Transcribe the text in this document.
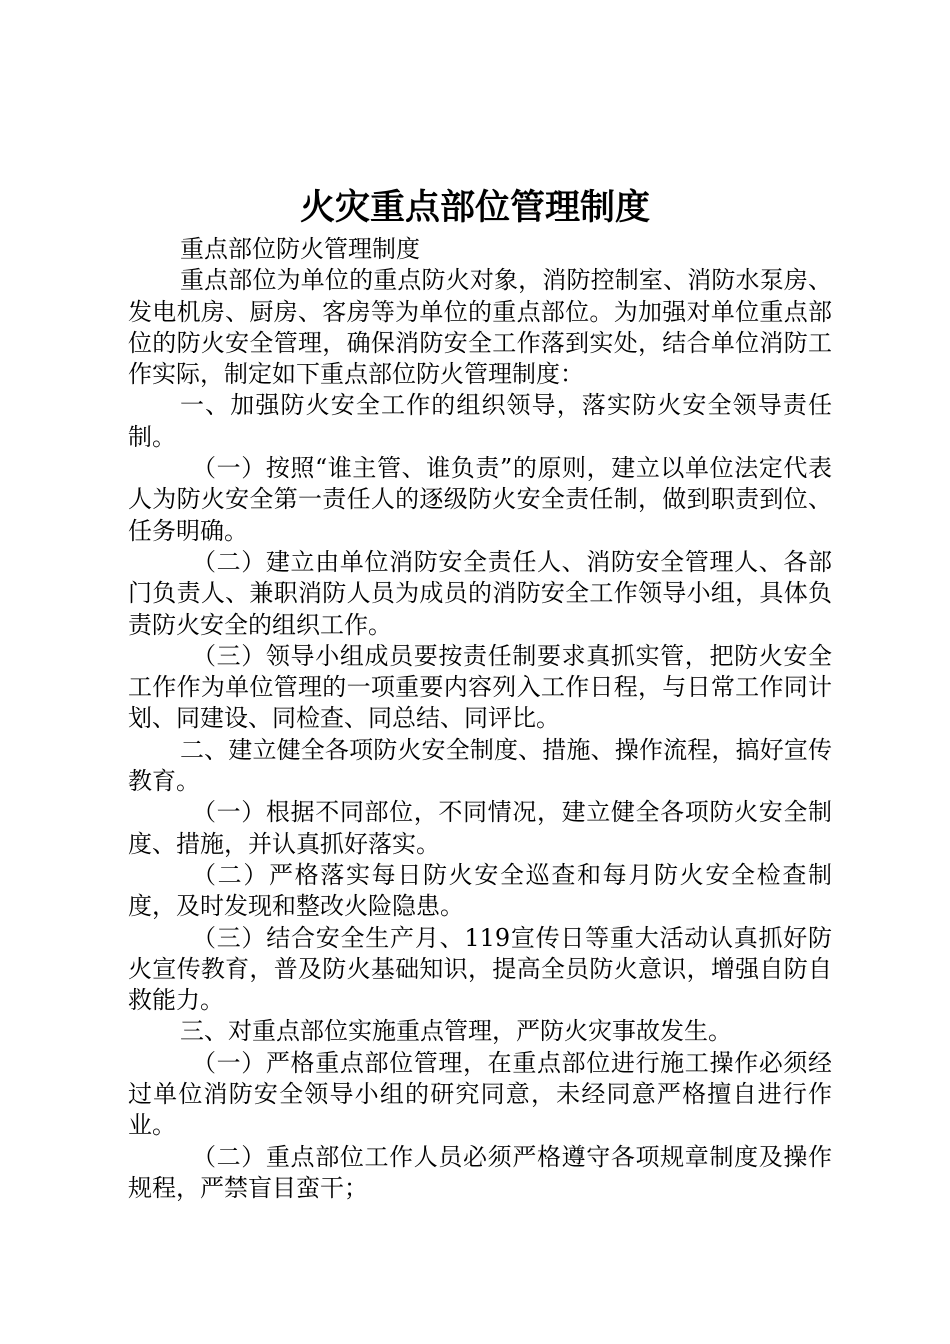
火灾重点部位管理制度

重点部位防火管理制度

重点部位为单位的重点防火对象，消防控制室、消防水泵房、发电机房、厨房、客房等为单位的重点部位。为加强对单位重点部位的防火安全管理，确保消防安全工作落到实处，结合单位消防工作实际，制定如下重点部位防火管理制度：

一、加强防火安全工作的组织领导，落实防火安全领导责任制。

（一）按照“谁主管、谁负责”的原则，建立以单位法定代表人为防火安全第一责任人的逐级防火安全责任制，做到职责到位、任务明确。

（二）建立由单位消防安全责任人、消防安全管理人、各部门负责人、兼职消防人员为成员的消防安全工作领导小组，具体负责防火安全的组织工作。

（三）领导小组成员要按责任制要求真抓实管，把防火安全工作作为单位管理的一项重要内容列入工作日程，与日常工作同计划、同建设、同检查、同总结、同评比。

二、建立健全各项防火安全制度、措施、操作流程，搞好宣传教育。

（一）根据不同部位，不同情况，建立健全各项防火安全制度、措施，并认真抓好落实。

（二）严格落实每日防火安全巡查和每月防火安全检查制度，及时发现和整改火险隐患。

（三）结合安全生产月、119宣传日等重大活动认真抓好防火宣传教育，普及防火基础知识，提高全员防火意识，增强自防自救能力。

三、对重点部位实施重点管理，严防火灾事故发生。

（一）严格重点部位管理，在重点部位进行施工操作必须经过单位消防安全领导小组的研究同意，未经同意严格擅自进行作业。

（二）重点部位工作人员必须严格遵守各项规章制度及操作规程，严禁盲目蛮干；
